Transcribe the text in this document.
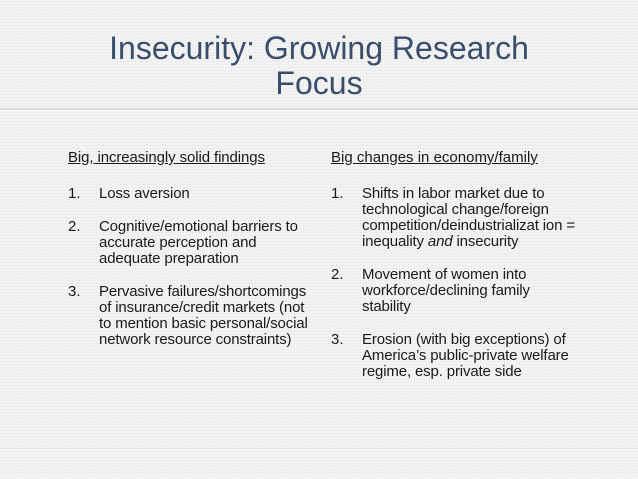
Insecurity: Growing Research
Focus
Big, increasingly solid findings
1.	Loss aversion
2.	Cognitive/emotional barriers to accurate perception and adequate preparation
3.	Pervasive failures/shortcomings of insurance/credit markets (not to mention basic personal/social network resource constraints)
Big changes in economy/family
1.	Shifts in labor market due to technological change/foreign competition/deindustrializat ion = inequality and insecurity
2.	Movement of women into workforce/declining family stability
3.	Erosion (with big exceptions) of America’s public-private welfare regime, esp. private side
